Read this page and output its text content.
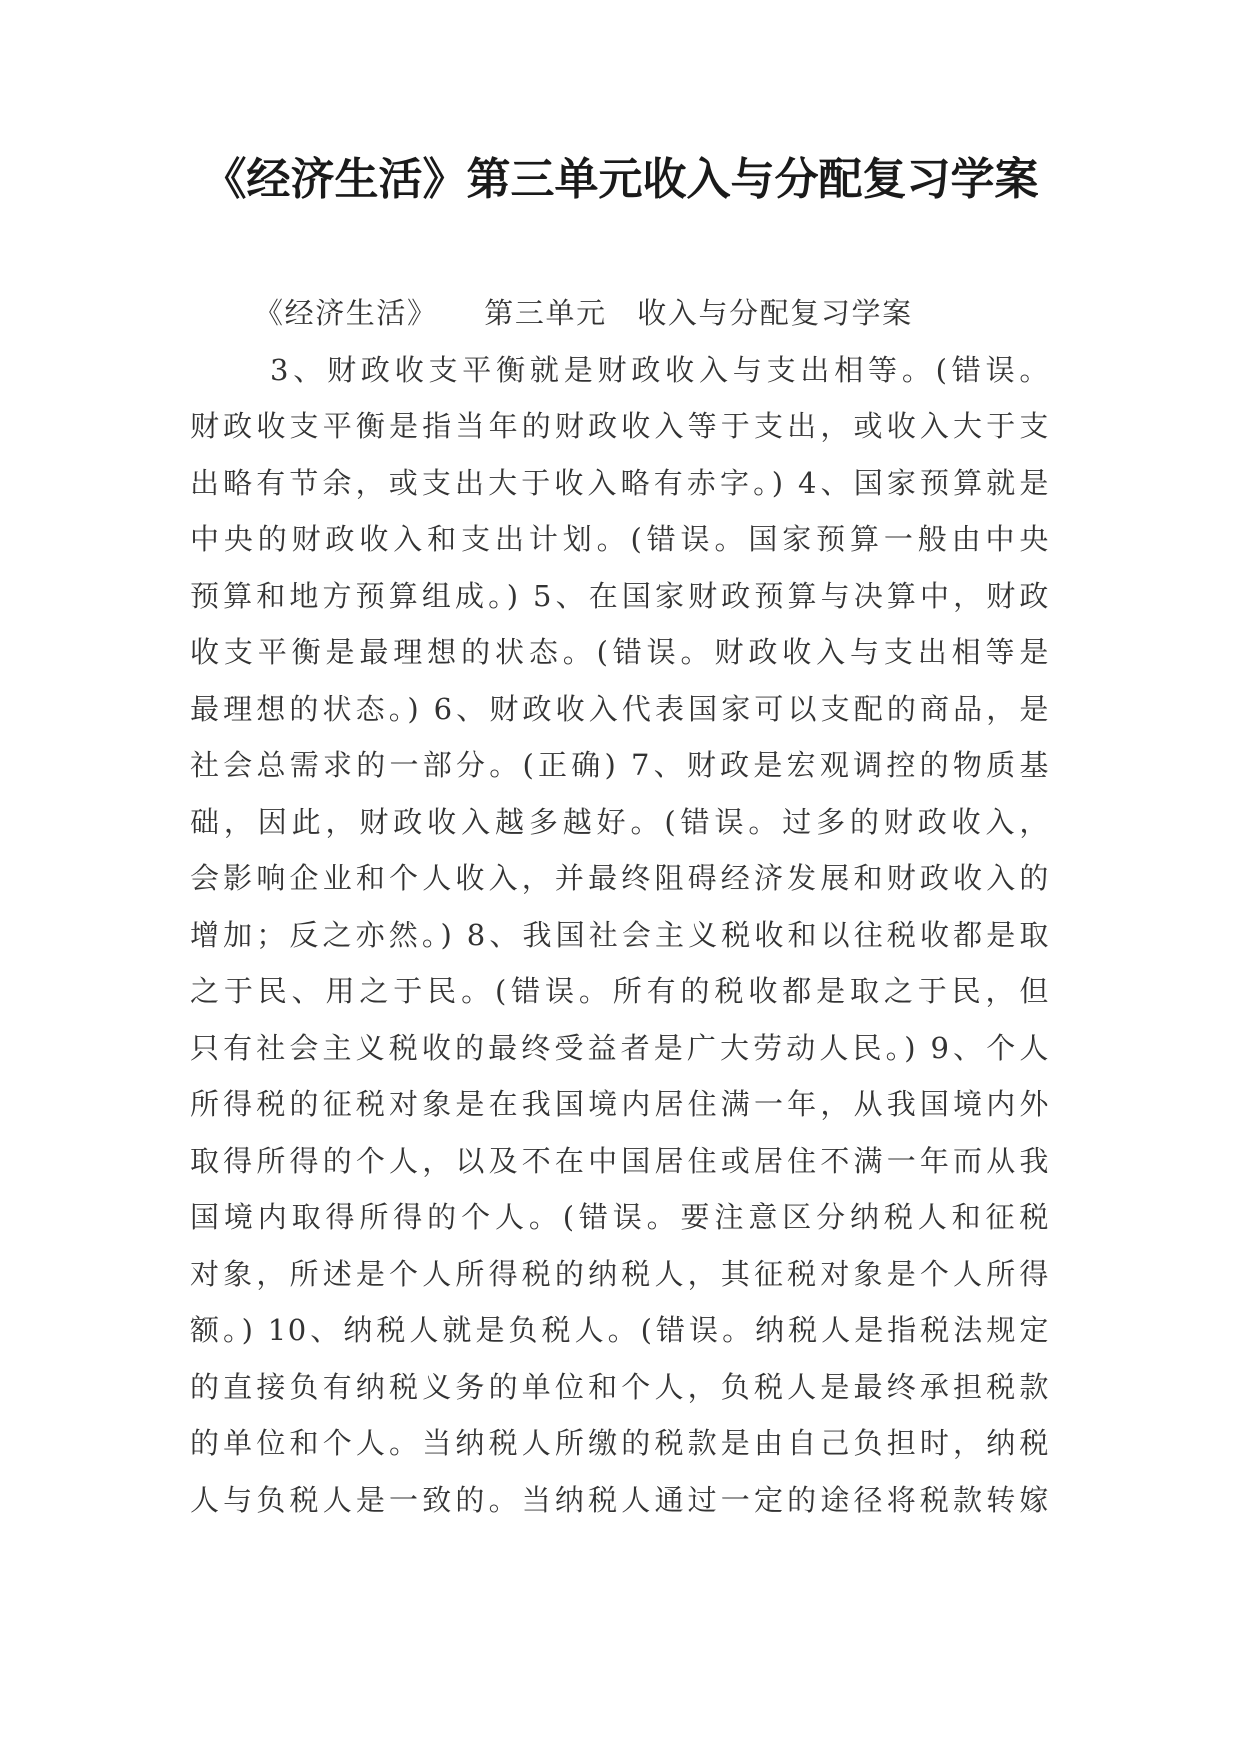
《经济生活》第三单元收入与分配复习学案
《经济生活》　　第三单元　收入与分配复习学案
3、财政收支平衡就是财政收入与支出相等。(错误。
财政收支平衡是指当年的财政收入等于支出，或收入大于支
出略有节余，或支出大于收入略有赤字。) 4、国家预算就是
中央的财政收入和支出计划。(错误。国家预算一般由中央
预算和地方预算组成。) 5、在国家财政预算与决算中，财政
收支平衡是最理想的状态。(错误。财政收入与支出相等是
最理想的状态。) 6、财政收入代表国家可以支配的商品，是
社会总需求的一部分。(正确) 7、财政是宏观调控的物质基
础，因此，财政收入越多越好。(错误。过多的财政收入，
会影响企业和个人收入，并最终阻碍经济发展和财政收入的
增加；反之亦然。) 8、我国社会主义税收和以往税收都是取
之于民、用之于民。(错误。所有的税收都是取之于民，但
只有社会主义税收的最终受益者是广大劳动人民。) 9、个人
所得税的征税对象是在我国境内居住满一年，从我国境内外
取得所得的个人，以及不在中国居住或居住不满一年而从我
国境内取得所得的个人。(错误。要注意区分纳税人和征税
对象，所述是个人所得税的纳税人，其征税对象是个人所得
额。) 10、纳税人就是负税人。(错误。纳税人是指税法规定
的直接负有纳税义务的单位和个人，负税人是最终承担税款
的单位和个人。当纳税人所缴的税款是由自己负担时，纳税
人与负税人是一致的。当纳税人通过一定的途径将税款转嫁
